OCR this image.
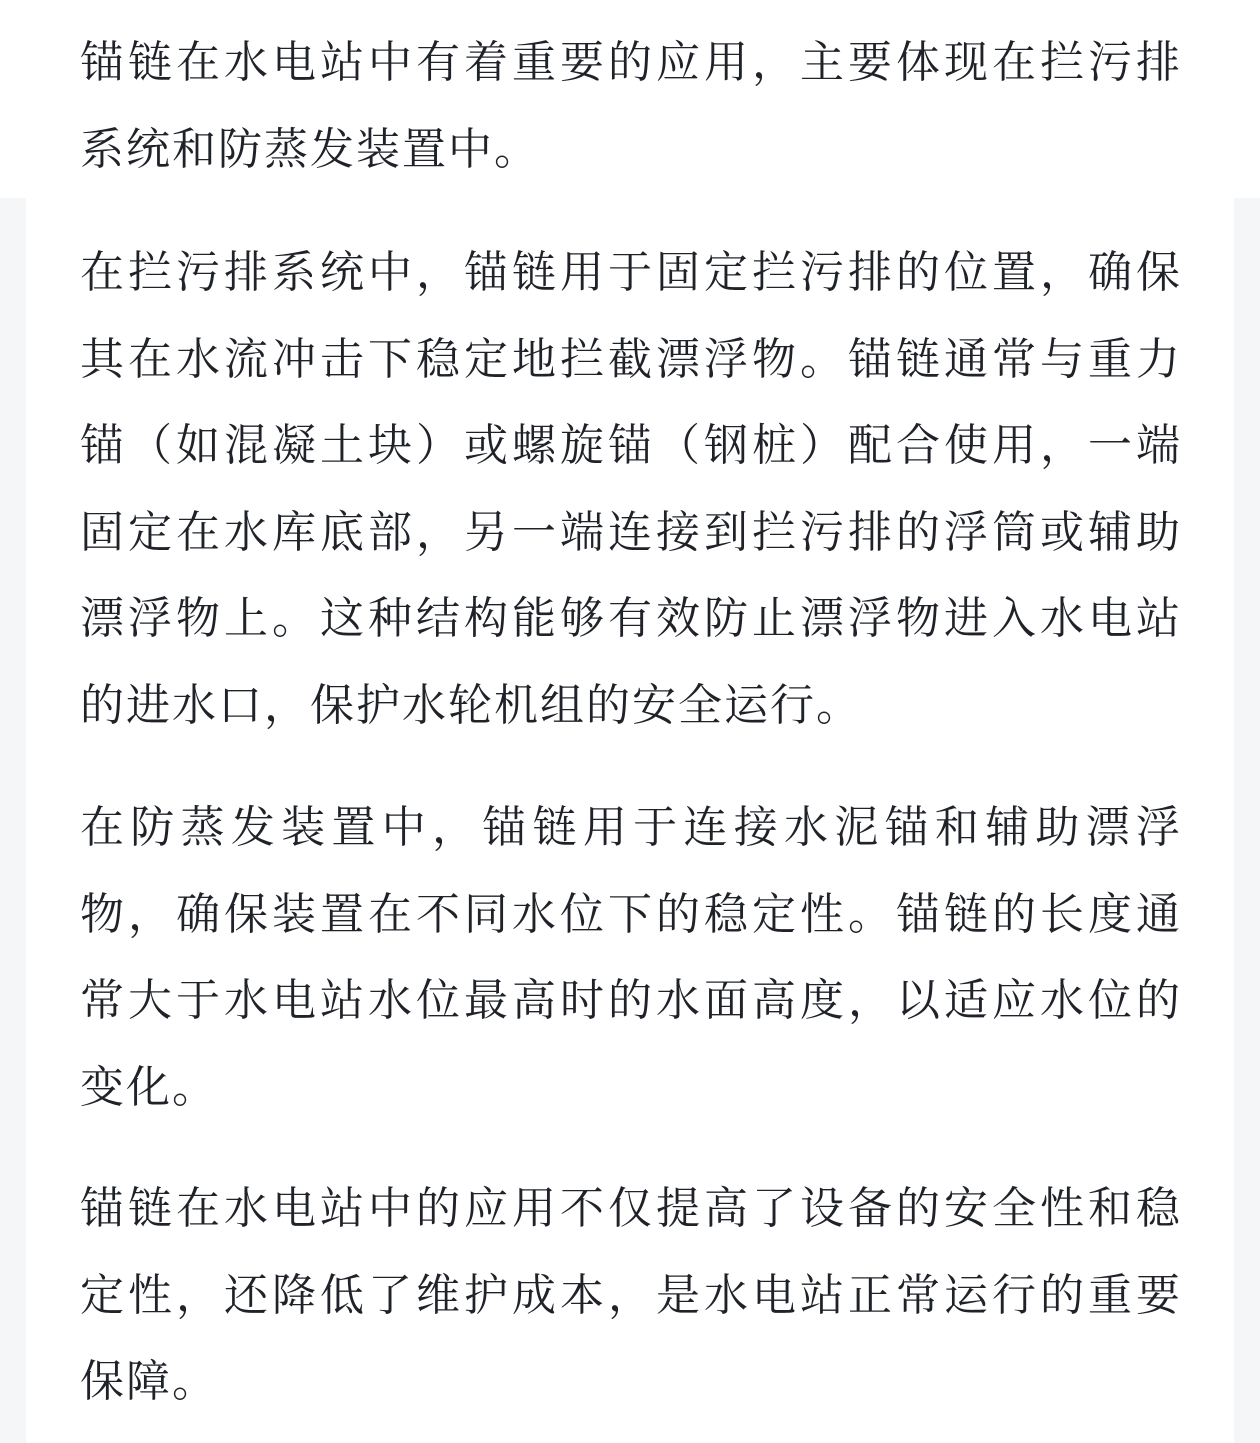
锚链在水电站中有着重要的应用，主要体现在拦污排系统和防蒸发装置中。

在拦污排系统中，锚链用于固定拦污排的位置，确保其在水流冲击下稳定地拦截漂浮物。锚链通常与重力锚（如混凝土块）或螺旋锚（钢桩）配合使用，一端固定在水库底部，另一端连接到拦污排的浮筒或辅助漂浮物上。这种结构能够有效防止漂浮物进入水电站的进水口，保护水轮机组的安全运行。

在防蒸发装置中，锚链用于连接水泥锚和辅助漂浮物，确保装置在不同水位下的稳定性。锚链的长度通常大于水电站水位最高时的水面高度，以适应水位的变化。

锚链在水电站中的应用不仅提高了设备的安全性和稳定性，还降低了维护成本，是水电站正常运行的重要保障。
